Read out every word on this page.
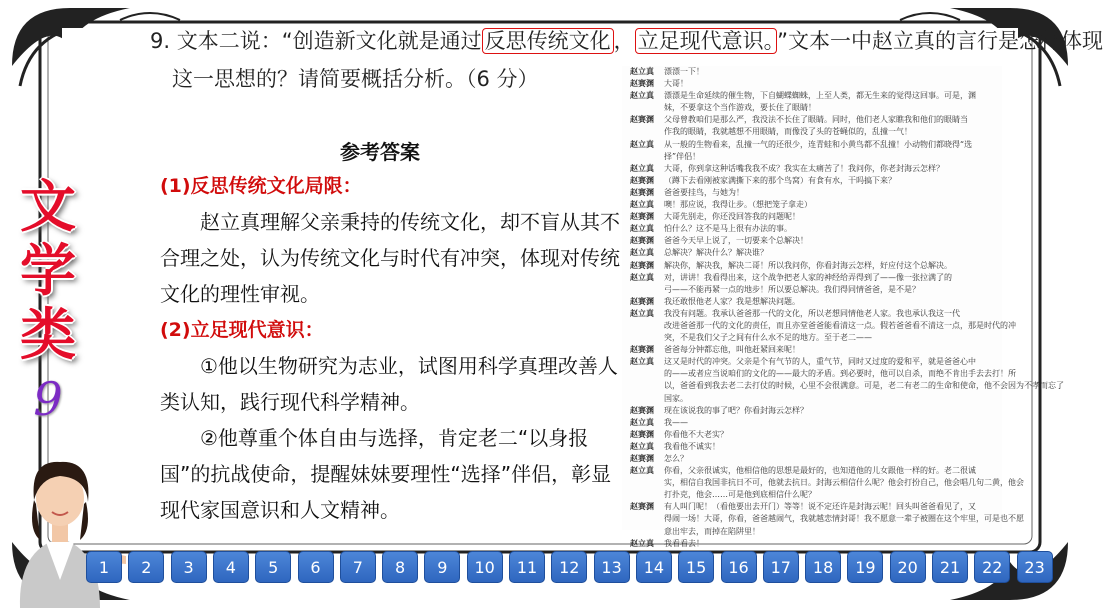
9. 文本二说：“创造新文化就是通过 反思传统文化 ， 立足现代意识。 ”文本一中赵立真的言行是怎样体现
这一思想的？请简要概括分析。（6 分）
文
学
类
9
参考答案
(1)反思传统文化局限：
赵立真理解父亲秉持的传统文化，却不盲从其不合理之处，认为传统文化与时代有冲突，体现对传统文化的理性审视。
(2)立足现代意识：
①他以生物研究为志业，试图用科学真理改善人类认知，践行现代科学精神。
②他尊重个体自由与选择，肯定老二“以身报国”的抗战使命，提醒妹妹要理性“选择”伴侣，彰显现代家国意识和人文精神。
赵立真	漂漂一下！
赵赛渊	大哥！
赵立真	漂漂是生命延续的催生物，下自蝴蝶蜘蛛，上至人类，都无生来的觉得这回事。可是，渊
妹，不要拿这个当作游戏，要长住了眼睛！
赵赛渊	父母曾教咱们是那么严，我没法不长住了眼睛。同时，他们老人家瞧我和他们的眼睛当
作我的眼睛，我就越想不用眼睛，而像没了头的苍蝇似的，乱撞一气！
赵立真	从一般的生物看来，乱撞一气的还很少，连青蛙和小黄鸟都不乱撞！小动物们都晓得“选
择”伴侣！
赵立真	大哥，你到拿这种话嘴我我不成？我实在太痛苦了！我问你，你老封海云怎样？
赵赛渊	（蹲下去看刚被家满撕下来的那个鸟窝）有食有水，干吗搞下来？
赵赛渊	爸爸要挂鸟，与她为！
赵立真	噢！那应说，我得让步。（想把笼子拿走）
赵赛渊	大哥先别走，你还没回答我的问题呢！
赵立真	怕什么？这不是马上很有办法的事。
赵赛渊	爸爸今天早上说了，一切要来个总解决！
赵立真	总解决？解决什么？解决谁？
赵赛渊	解决你，解决我，解决二哥！所以我问你，你看封海云怎样，好应付这个总解决。
赵立真	对，讲讲！我看得出来，这个战争把老人家的神经给弄得到了——像一张拉满了的
弓——不能再紧一点的地步！所以要总解决。我们得同情爸爸，是不是？
赵赛渊	我还敢恨他老人家？我是想解决问题。
赵立真	我没有问题。我承认爸爸那一代的文化，所以老想同情他老人家。我也承认我这一代
改进爸爸那一代的文化的责任，而且亦堂爸爸能看清这一点。假若爸爸看不清这一点，那是时代的冲
突，不是我们父子之间有什么水不足的地方。至于老二——
赵赛渊	爸爸每分钟都忘他，叫他赶紧回来呢！
赵立真	这又是时代的冲突。父亲是个有气节的人，重气节，同时又过度的爱和平，就是爸爸心中
的——或者应当说咱们的文化的——最大的矛盾。到必要时，他可以自杀，而绝不肯出手去去打！所
以，爸爸看到我去老二去打仗的时候，心里不会很满意。可是，老二有老二的生命和使命，他不会因为不孝而忘了
国家。
赵赛渊	现在该说我的事了吧？你看封海云怎样？
赵立真	我——
赵赛渊	你看他不大老实？
赵立真	我看他不诚实！
赵赛渊	怎么？
赵立真	你看，父亲很诚实，他相信他的思想是最好的，也知道他的儿女跟他一样的好。老二很诚
实，相信自我国非抗日不可，他就去抗日。封海云相信什么呢？他会打扮自己，他会唱几句二黄，他会
打扑克，他会……可是他到底相信什么呢？
赵赛渊	有人叫门呢！（看他要出去开门）等等！说不定还许是封海云呢！回头叫爸爸看见了，又
得闹一场！大哥，你看，爸爸越闹气，我就越恋情封哥！我不愿意一辈子被圈在这个牢里，可是也不愿
意出牢去，而掉在陷阱里！
赵立真	我看看去！
1	2	3	4	5	6	7	8	9	10	11	12	13	14	15	16	17	18	19	20	21	22	23
